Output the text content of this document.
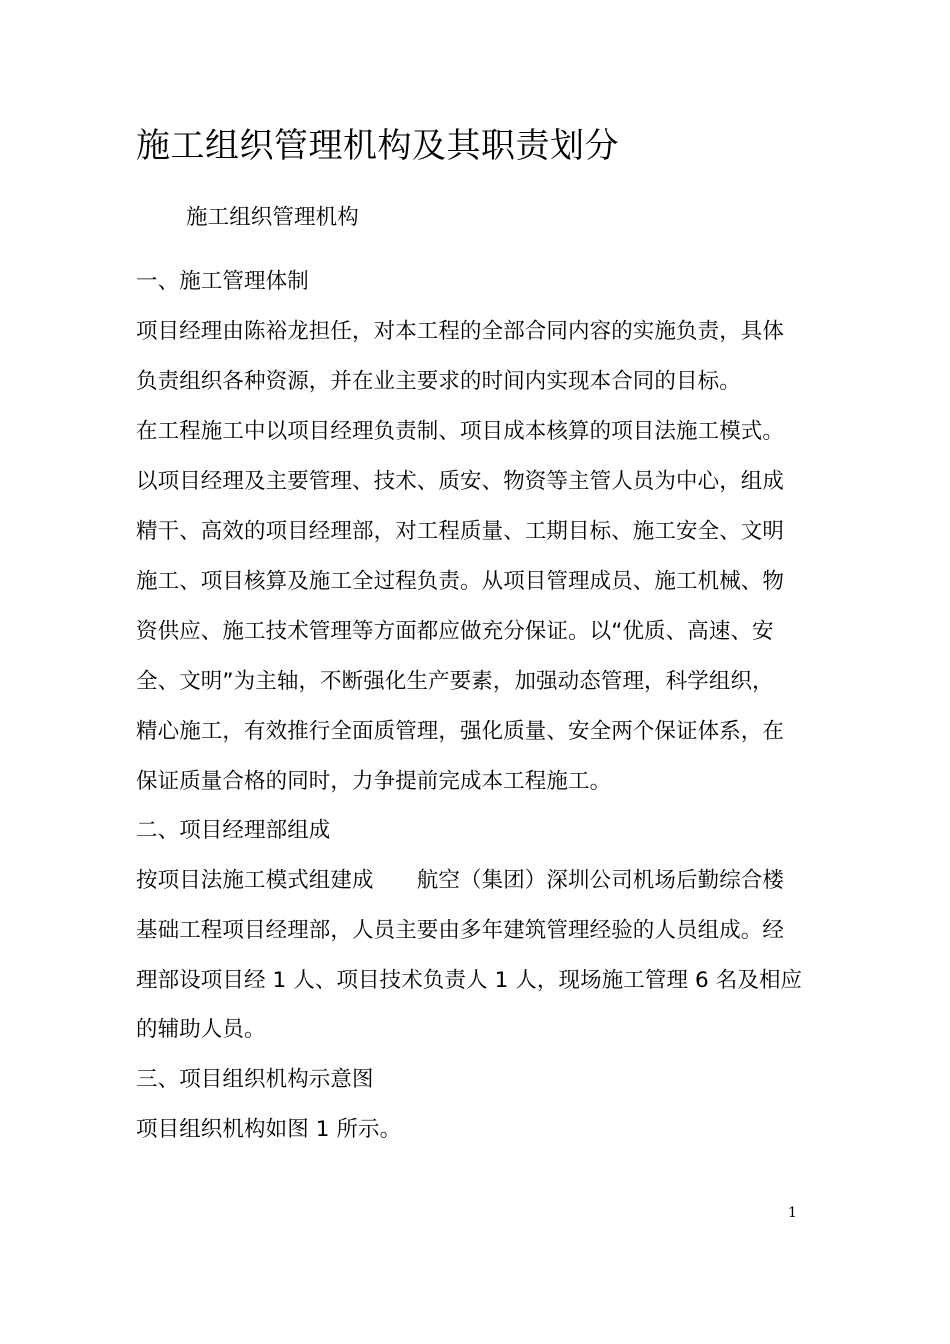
施工组织管理机构及其职责划分
施工组织管理机构
一、施工管理体制
项目经理由陈裕龙担任，对本工程的全部合同内容的实施负责，具体
负责组织各种资源，并在业主要求的时间内实现本合同的目标。
在工程施工中以项目经理负责制、项目成本核算的项目法施工模式。
以项目经理及主要管理、技术、质安、物资等主管人员为中心，组成
精干、高效的项目经理部，对工程质量、工期目标、施工安全、文明
施工、项目核算及施工全过程负责。从项目管理成员、施工机械、物
资供应、施工技术管理等方面都应做充分保证。以“优质、高速、安
全、文明”为主轴，不断强化生产要素，加强动态管理，科学组织，
精心施工，有效推行全面质管理，强化质量、安全两个保证体系，在
保证质量合格的同时，力争提前完成本工程施工。
二、项目经理部组成
按项目法施工模式组建成　　航空（集团）深圳公司机场后勤综合楼
基础工程项目经理部，人员主要由多年建筑管理经验的人员组成。经
理部设项目经 1 人、项目技术负责人 1 人，现场施工管理 6 名及相应
的辅助人员。
三、项目组织机构示意图
项目组织机构如图 1 所示。
1
